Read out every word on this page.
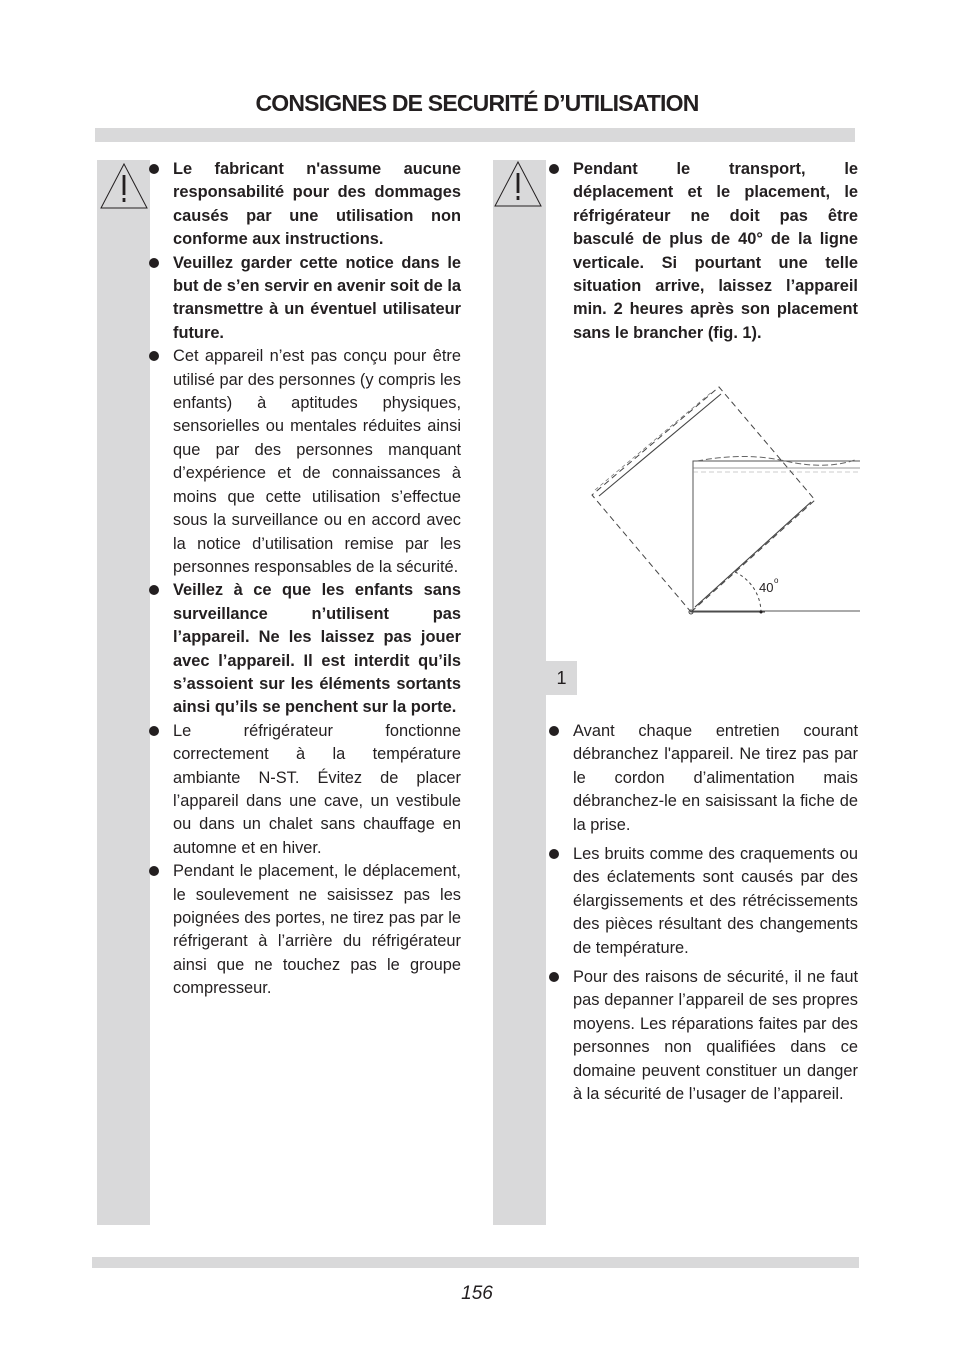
CONSIGNES DE SECURITÉ D’UTILISATION
Le fabricant n'assume aucune responsabilité pour des dommages causés par une utilisation non conforme aux instructions.
Veuillez garder cette notice dans le but de s’en servir en avenir soit de la transmettre à un éventuel utilisateur future.
Cet appareil n’est pas conçu pour être utilisé par des personnes (y compris les enfants) à aptitudes physiques, sensorielles ou mentales réduites ainsi que par des personnes manquant d’expérience et de connaissances à moins que cette utilisation s’effectue sous la surveillance ou en accord avec la notice d’utilisation remise par les personnes responsables de la sécurité.
Veillez à ce que les enfants sans surveillance n’utilisent pas l’appareil. Ne les laissez pas jouer avec l’appareil. Il est interdit qu’ils s’assoient sur les éléments sortants ainsi qu’ils se penchent sur la porte.
Le réfrigérateur fonctionne correctement à la température ambiante N-ST. Évitez de placer l’appareil dans une cave, un vestibule ou dans un chalet sans chauffage en automne et en hiver.
Pendant le placement, le déplacement, le soulevement ne saisissez pas les poignées des portes, ne tirez pas par le réfrigerant à l’arrière du réfrigérateur ainsi que ne touchez pas le groupe compresseur.
Pendant le transport, le déplacement et le placement, le réfrigérateur ne doit pas être basculé de plus de 40° de la ligne verticale. Si pourtant une telle situation arrive, laissez l’appareil min. 2 heures après son placement sans le brancher (fig. 1).
40 o
1
Avant chaque entretien courant débranchez l'appareil. Ne tirez pas par le cordon d’alimentation mais débranchez-le en saisissant la fiche de la prise.
Les bruits comme des craquements ou des éclatements sont causés par des élargissements et des rétrécissements des pièces résultant des changements de température.
Pour des raisons de sécurité, il ne faut pas depanner l’appareil de ses propres moyens. Les réparations faites par des personnes non qualifiées dans ce domaine peuvent constituer un danger à la sécurité de l’usager de l’appareil.
156
